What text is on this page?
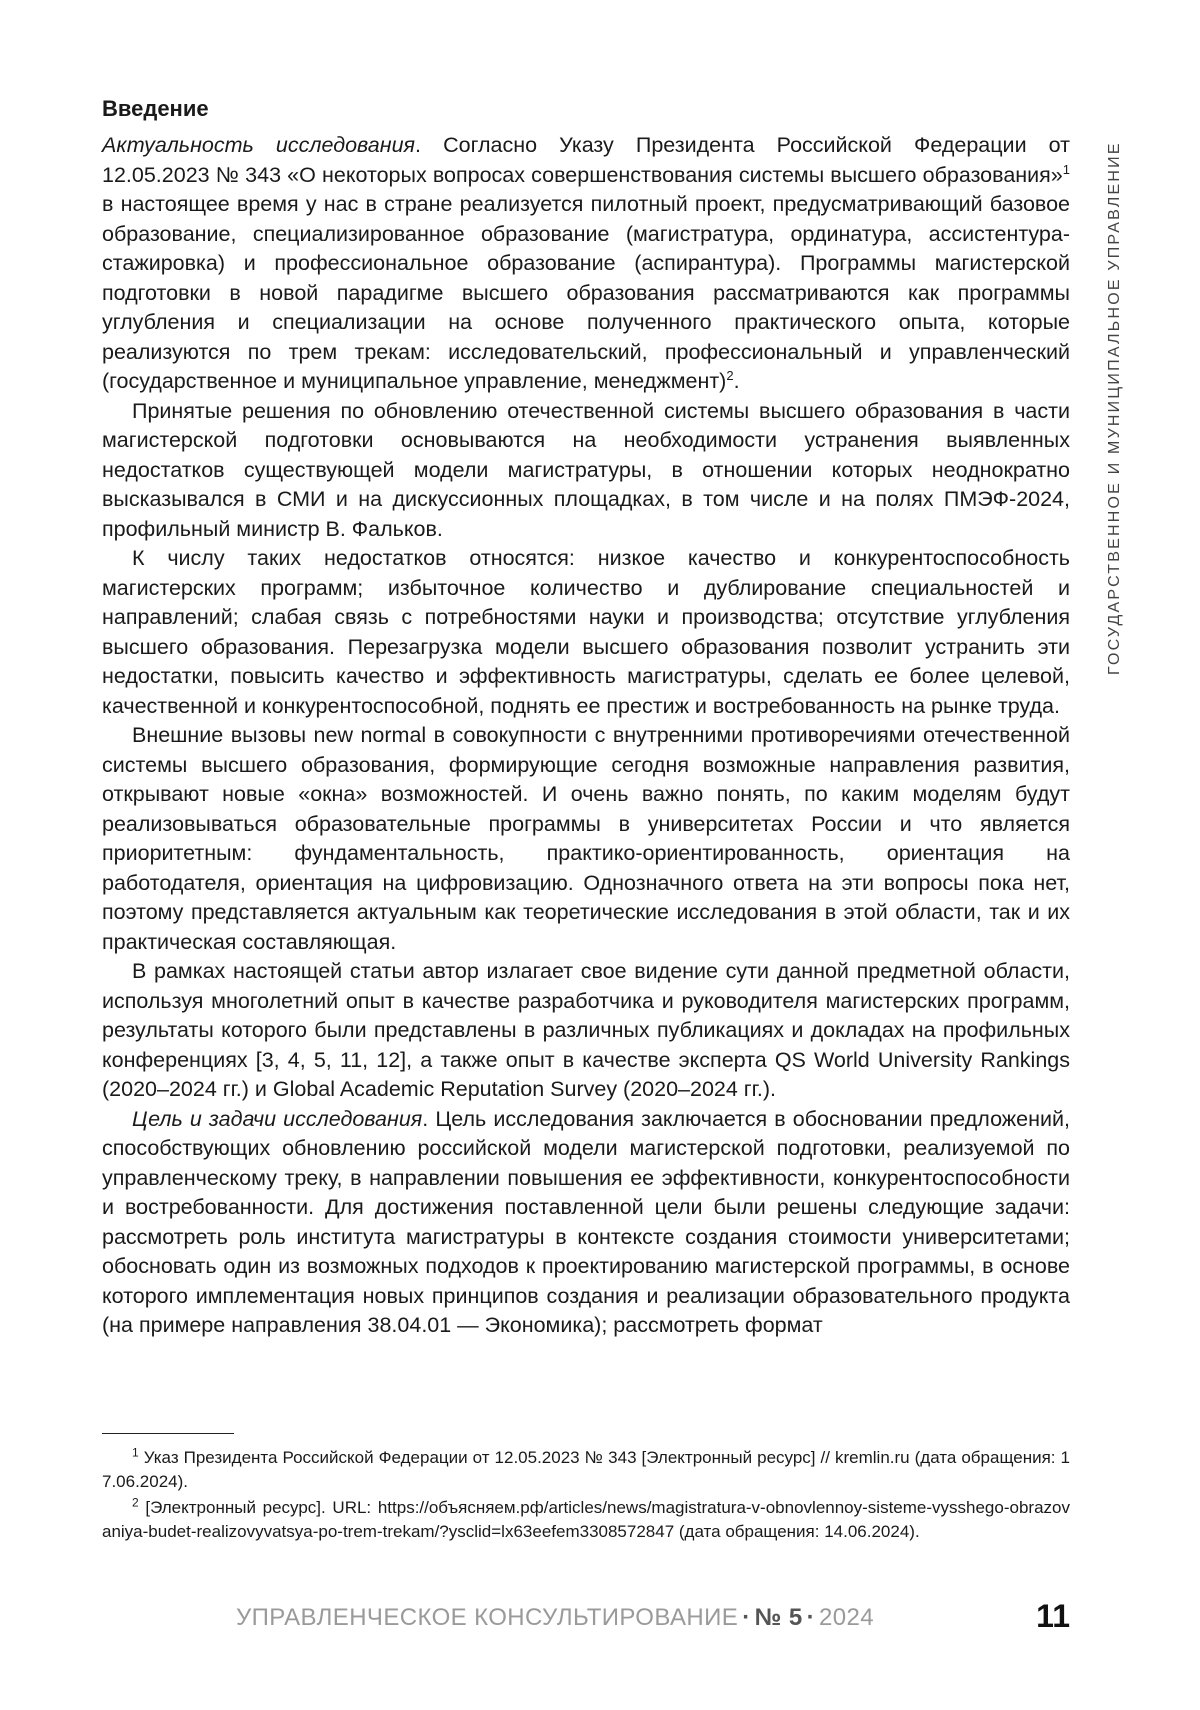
ГОСУДАРСТВЕННОЕ И МУНИЦИПАЛЬНОЕ УПРАВЛЕНИЕ
Введение

Актуальность исследования. Согласно Указу Президента Российской Федерации от 12.05.2023 № 343 «О некоторых вопросах совершенствования системы высшего образования»$^1$ в настоящее время у нас в стране реализуется пилотный проект, предусматривающий базовое образование, специализированное образование (магистратура, ординатура, ассистентура-стажировка) и профессиональное образование (аспирантура). Программы магистерской подготовки в новой парадигме высшего образования рассматриваются как программы углубления и специализации на основе полученного практического опыта, которые реализуются по трем трекам: исследовательский, профессиональный и управленческий (государственное и муниципальное управление, менеджмент)$^2$.

Принятые решения по обновлению отечественной системы высшего образования в части магистерской подготовки основываются на необходимости устранения выявленных недостатков существующей модели магистратуры, в отношении которых неоднократно высказывался в СМИ и на дискуссионных площадках, в том числе и на полях ПМЭФ-2024, профильный министр В. Фальков.

К числу таких недостатков относятся: низкое качество и конкурентоспособность магистерских программ; избыточное количество и дублирование специальностей и направлений; слабая связь с потребностями науки и производства; отсутствие углубления высшего образования. Перезагрузка модели высшего образования позволит устранить эти недостатки, повысить качество и эффективность магистратуры, сделать ее более целевой, качественной и конкурентоспособной, поднять ее престиж и востребованность на рынке труда.

Внешние вызовы new normal в совокупности с внутренними противоречиями отечественной системы высшего образования, формирующие сегодня возможные направления развития, открывают новые «окна» возможностей. И очень важно понять, по каким моделям будут реализовываться образовательные программы в университетах России и что является приоритетным: фундаментальность, практико-ориентированность, ориентация на работодателя, ориентация на цифровизацию. Однозначного ответа на эти вопросы пока нет, поэтому представляется актуальным как теоретические исследования в этой области, так и их практическая составляющая.

В рамках настоящей статьи автор излагает свое видение сути данной предметной области, используя многолетний опыт в качестве разработчика и руководителя магистерских программ, результаты которого были представлены в различных публикациях и докладах на профильных конференциях [3, 4, 5, 11, 12], а также опыт в качестве эксперта QS World University Rankings (2020–2024 гг.) и Global Academic Reputation Survey (2020–2024 гг.).

Цель и задачи исследования. Цель исследования заключается в обосновании предложений, способствующих обновлению российской модели магистерской подготовки, реализуемой по управленческому треку, в направлении повышения ее эффективности, конкурентоспособности и востребованности. Для достижения поставленной цели были решены следующие задачи: рассмотреть роль института магистратуры в контексте создания стоимости университетами; обосновать один из возможных подходов к проектированию магистерской программы, в основе которого имплементация новых принципов создания и реализации образовательного продукта (на примере направления 38.04.01 — Экономика); рассмотреть формат

$^1$ Указ Президента Российской Федерации от 12.05.2023 № 343 [Электронный ресурс] // kremlin.ru (дата обращения: 17.06.2024).

$^2$ [Электронный ресурс]. URL: https://объясняем.рф/articles/news/magistratura-v-obnovlennoy-sisteme-vysshego-obrazovaniya-budet-realizovyvatsya-po-trem-trekam/?ysclid=lx63eefem3308572847 (дата обращения: 14.06.2024).

УПРАВЛЕНЧЕСКОЕ КОНСУЛЬТИРОВАНИЕ · № 5 · 2024	11
